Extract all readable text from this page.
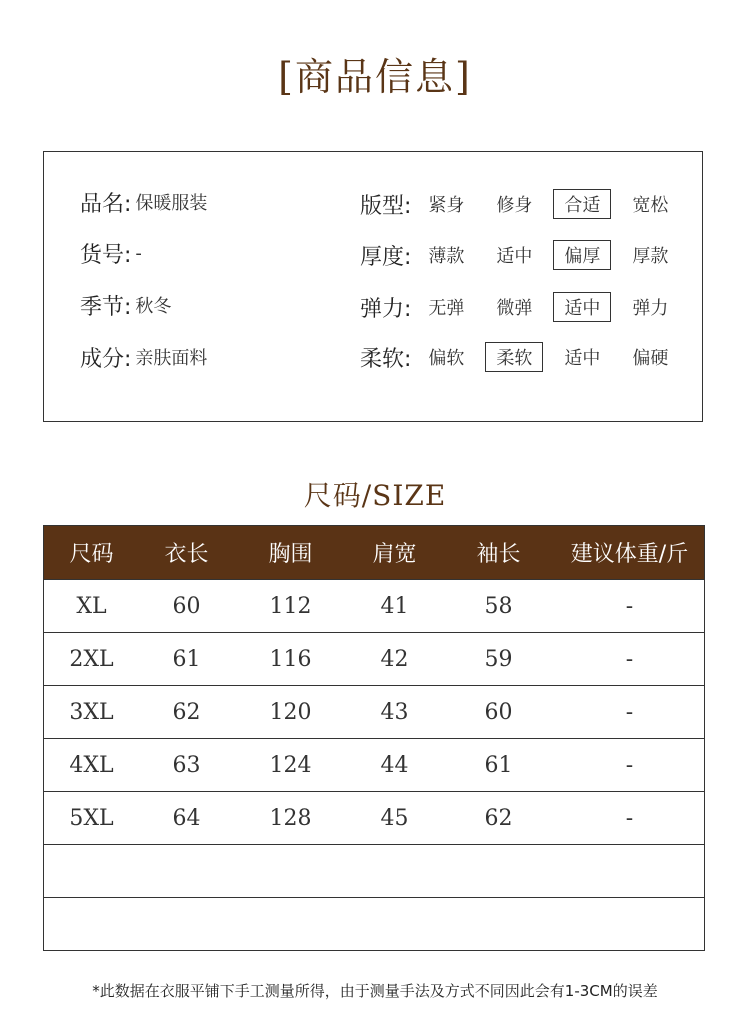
[商品信息]
品名: 保暖服装
货号: -
季节: 秋冬
成分: 亲肤面料
版型: 紧身	修身	合适	宽松
厚度: 薄款	适中	偏厚	厚款
弹力: 无弹	微弹	适中	弹力
柔软: 偏软	柔软	适中	偏硬
尺码/SIZE
尺码	衣长	胸围	肩宽	袖长	建议体重/斤
XL	60	112	41	58	-
2XL	61	116	42	59	-
3XL	62	120	43	60	-
4XL	63	124	44	61	-
5XL	64	128	45	62	-
*此数据在衣服平铺下手工测量所得，由于测量手法及方式不同因此会有1-3CM的误差
